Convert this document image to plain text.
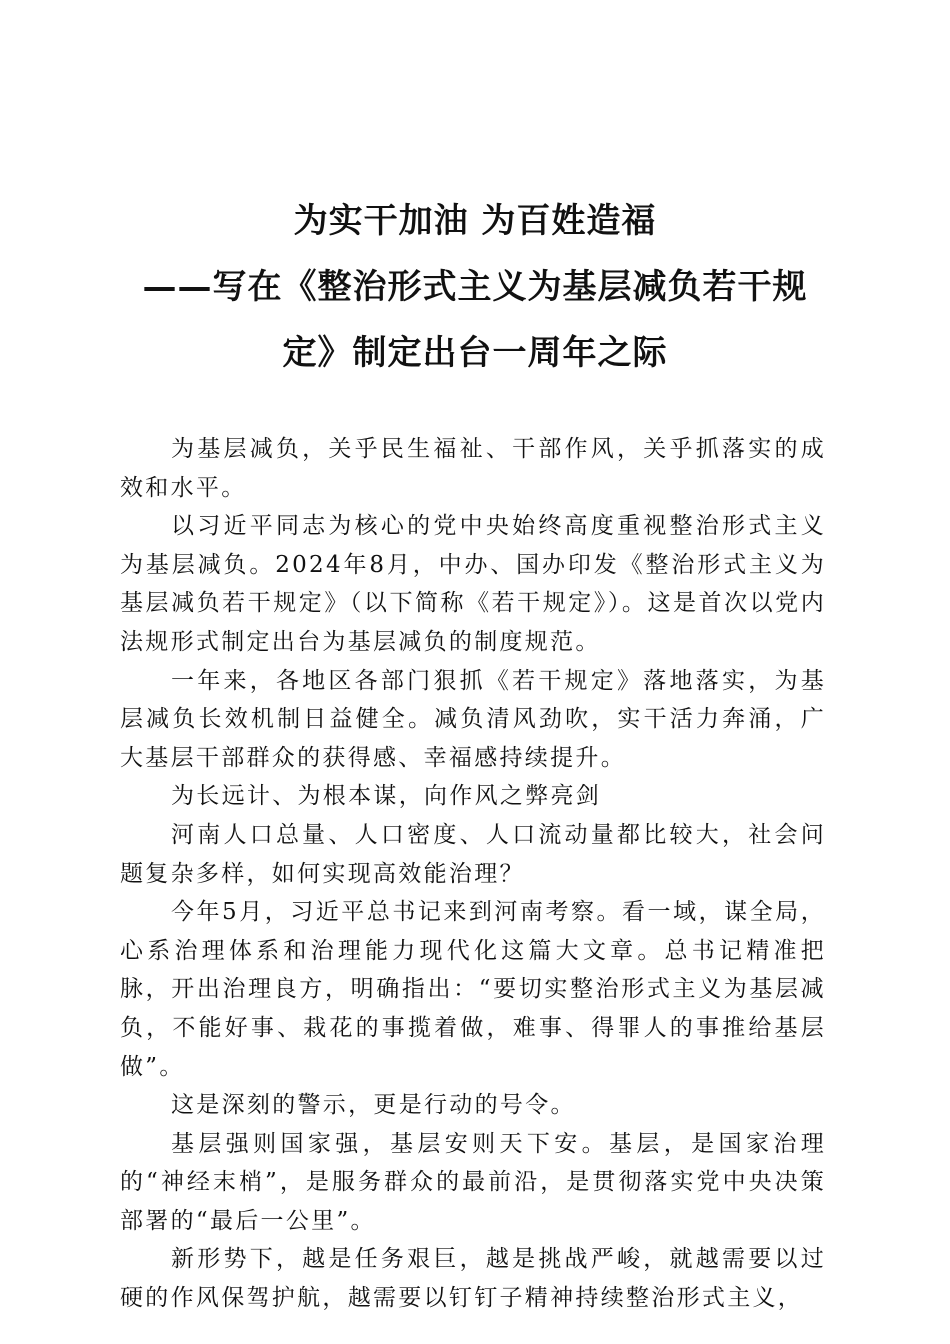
为实干加油 为百姓造福
——写在《整治形式主义为基层减负若干规
定》制定出台一周年之际

为基层减负，关乎民生福祉、干部作风，关乎抓落实的成效和水平。

以习近平同志为核心的党中央始终高度重视整治形式主义为基层减负。2024年8月，中办、国办印发《整治形式主义为基层减负若干规定》（以下简称《若干规定》）。这是首次以党内法规形式制定出台为基层减负的制度规范。

一年来，各地区各部门狠抓《若干规定》落地落实，为基层减负长效机制日益健全。减负清风劲吹，实干活力奔涌，广大基层干部群众的获得感、幸福感持续提升。

为长远计、为根本谋，向作风之弊亮剑

河南人口总量、人口密度、人口流动量都比较大，社会问题复杂多样，如何实现高效能治理？

今年5月，习近平总书记来到河南考察。看一域，谋全局，心系治理体系和治理能力现代化这篇大文章。总书记精准把脉，开出治理良方，明确指出：“要切实整治形式主义为基层减负，不能好事、栽花的事揽着做，难事、得罪人的事推给基层做”。

这是深刻的警示，更是行动的号令。

基层强则国家强，基层安则天下安。基层，是国家治理的“神经末梢”，是服务群众的最前沿，是贯彻落实党中央决策部署的“最后一公里”。

新形势下，越是任务艰巨，越是挑战严峻，就越需要以过硬的作风保驾护航，越需要以钉钉子精神持续整治形式主义，
